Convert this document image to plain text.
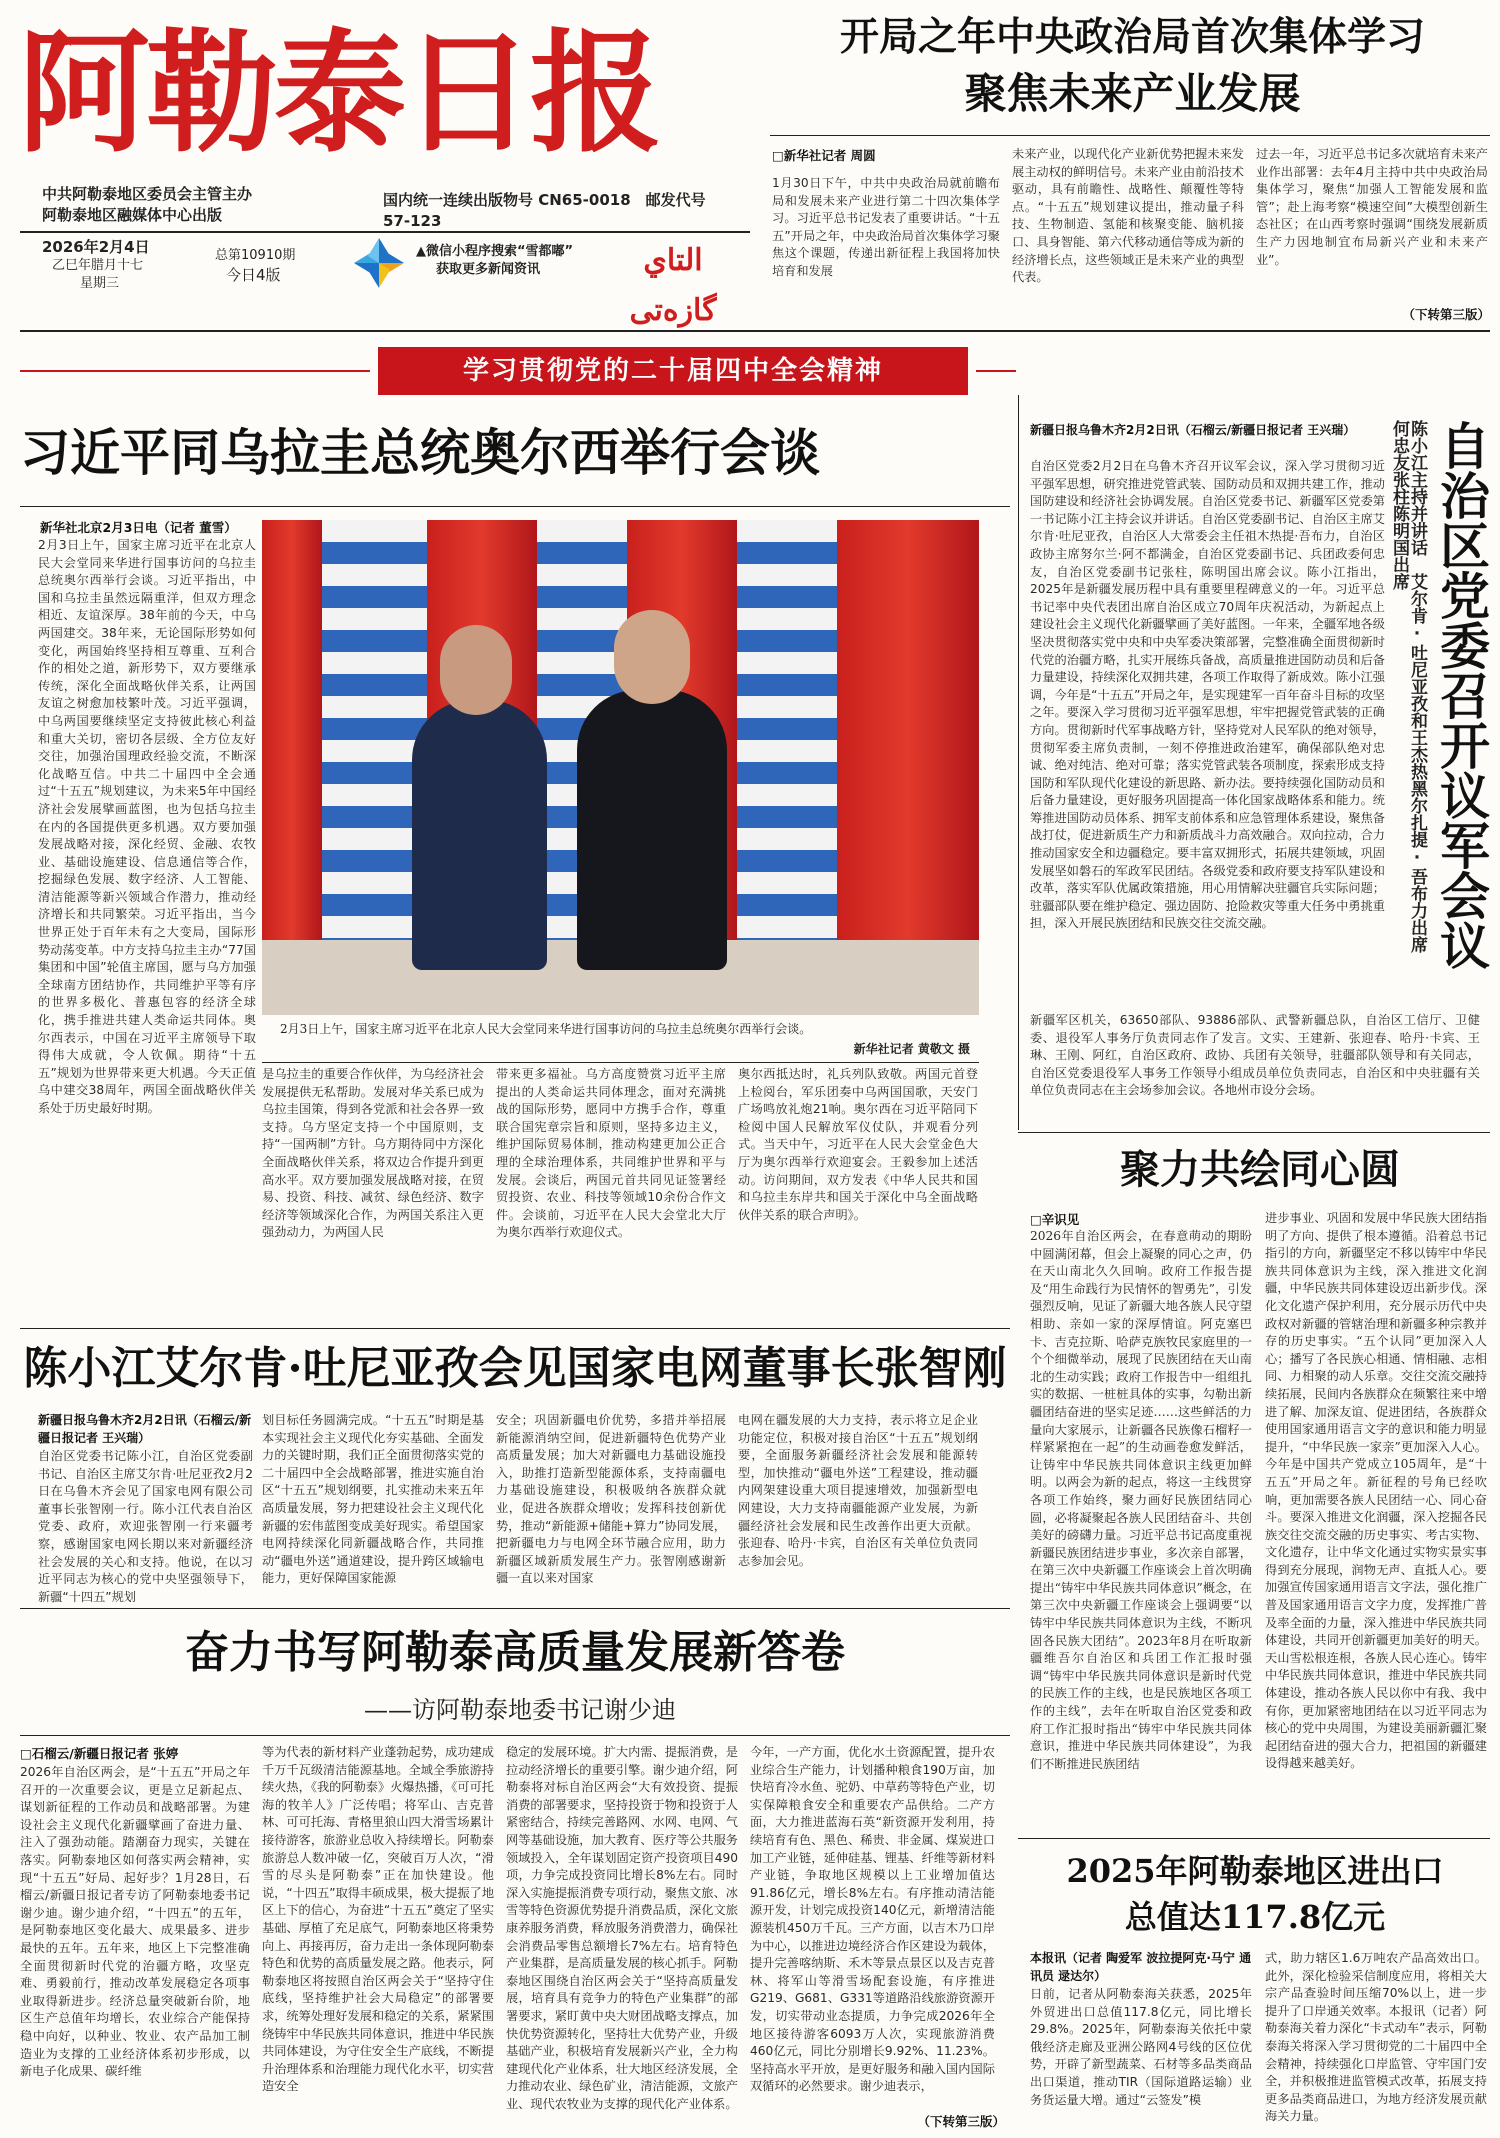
阿勒泰日报
中共阿勒泰地区委员会主管主办
阿勒泰地区融媒体中心出版
国内统一连续出版物号 CN65-0018　邮发代号 57-123
2026年2月4日
乙巳年腊月十七
星期三
总第10910期
今日4版
▲微信小程序搜索“雪都嘟”
获取更多新闻资讯	التاي گازەتى
开局之年中央政治局首次集体学习
聚焦未来产业发展
□新华社记者 周圆
1月30日下午，中共中央政治局就前瞻布局和发展未来产业进行第二十四次集体学习。习近平总书记发表了重要讲话。“十五五”开局之年，中央政治局首次集体学习聚焦这个课题，传递出新征程上我国将加快培育和发展
未来产业，以现代化产业新优势把握未来发展主动权的鲜明信号。未来产业由前沿技术驱动，具有前瞻性、战略性、颠覆性等特点。“十五五”规划建议提出，推动量子科技、生物制造、氢能和核聚变能、脑机接口、具身智能、第六代移动通信等成为新的经济增长点，这些领域正是未来产业的典型代表。
过去一年，习近平总书记多次就培育未来产业作出部署：去年4月主持中共中央政治局集体学习，聚焦“加强人工智能发展和监管”；赴上海考察“模速空间”大模型创新生态社区；在山西考察时强调“围绕发展新质生产力因地制宜布局新兴产业和未来产业”。
（下转第三版）
学习贯彻党的二十届四中全会精神
习近平同乌拉圭总统奥尔西举行会谈
新华社北京2月3日电（记者 董雪）
2月3日上午，国家主席习近平在北京人民大会堂同来华进行国事访问的乌拉圭总统奥尔西举行会谈。习近平指出，中国和乌拉圭虽然远隔重洋，但双方理念相近、友谊深厚。38年前的今天，中乌两国建交。38年来，无论国际形势如何变化，两国始终坚持相互尊重、互利合作的相处之道，新形势下，双方要继承传统，深化全面战略伙伴关系，让两国友谊之树愈加枝繁叶茂。习近平强调，中乌两国要继续坚定支持彼此核心利益和重大关切，密切各层级、全方位友好交往，加强治国理政经验交流，不断深化战略互信。中共二十届四中全会通过“十五五”规划建议，为未来5年中国经济社会发展擘画蓝图，也为包括乌拉圭在内的各国提供更多机遇。双方要加强发展战略对接，深化经贸、金融、农牧业、基础设施建设、信息通信等合作，挖掘绿色发展、数字经济、人工智能、清洁能源等新兴领域合作潜力，推动经济增长和共同繁荣。习近平指出，当今世界正处于百年未有之大变局，国际形势动荡变革。中方支持乌拉圭主办“77国集团和中国”轮值主席国，愿与乌方加强全球南方团结协作，共同维护平等有序的世界多极化、普惠包容的经济全球化，携手推进共建人类命运共同体。奥尔西表示，中国在习近平主席领导下取得伟大成就，令人钦佩。期待“十五五”规划为世界带来更大机遇。今天正值乌中建交38周年，两国全面战略伙伴关系处于历史最好时期。
2月3日上午，国家主席习近平在北京人民大会堂同来华进行国事访问的乌拉圭总统奥尔西举行会谈。
新华社记者 黄敬文 摄
是乌拉圭的重要合作伙伴，为乌经济社会发展提供无私帮助。发展对华关系已成为乌拉圭国策，得到各党派和社会各界一致支持。乌方坚定支持一个中国原则，支持“一国两制”方针。乌方期待同中方深化全面战略伙伴关系，将双边合作提升到更高水平。双方要加强发展战略对接，在贸易、投资、科技、减贫、绿色经济、数字经济等领域深化合作，为两国关系注入更强劲动力，为两国人民
带来更多福祉。乌方高度赞赏习近平主席提出的人类命运共同体理念，面对充满挑战的国际形势，愿同中方携手合作，尊重联合国宪章宗旨和原则，坚持多边主义，维护国际贸易体制，推动构建更加公正合理的全球治理体系，共同维护世界和平与发展。会谈后，两国元首共同见证签署经贸投资、农业、科技等领域10余份合作文件。会谈前，习近平在人民大会堂北大厅为奥尔西举行欢迎仪式。
奥尔西抵达时，礼兵列队致敬。两国元首登上检阅台，军乐团奏中乌两国国歌，天安门广场鸣放礼炮21响。奥尔西在习近平陪同下检阅中国人民解放军仪仗队，并观看分列式。当天中午，习近平在人民大会堂金色大厅为奥尔西举行欢迎宴会。王毅参加上述活动。访问期间，双方发表《中华人民共和国和乌拉圭东岸共和国关于深化中乌全面战略伙伴关系的联合声明》。
自治区党委召开议军会议
陈小江主持并讲话　艾尔肯·吐尼亚孜和王杰热黑尔扎提·吾布力出席　何忠友张柱陈明国出席
新疆日报乌鲁木齐2月2日讯（石榴云/新疆日报记者 王兴瑞）
自治区党委2月2日在乌鲁木齐召开议军会议，深入学习贯彻习近平强军思想，研究推进党管武装、国防动员和双拥共建工作，推动国防建设和经济社会协调发展。自治区党委书记、新疆军区党委第一书记陈小江主持会议并讲话。自治区党委副书记、自治区主席艾尔肯·吐尼亚孜，自治区人大常委会主任祖木热提·吾布力，自治区政协主席努尔兰·阿不都满金，自治区党委副书记、兵团政委何忠友，自治区党委副书记张柱，陈明国出席会议。陈小江指出，2025年是新疆发展历程中具有重要里程碑意义的一年。习近平总书记率中央代表团出席自治区成立70周年庆祝活动，为新起点上建设社会主义现代化新疆擘画了美好蓝图。一年来，全疆军地各级坚决贯彻落实党中央和中央军委决策部署，完整准确全面贯彻新时代党的治疆方略，扎实开展练兵备战，高质量推进国防动员和后备力量建设，持续深化双拥共建，各项工作取得了新成效。陈小江强调，今年是“十五五”开局之年，是实现建军一百年奋斗目标的攻坚之年。要深入学习贯彻习近平强军思想，牢牢把握党管武装的正确方向。贯彻新时代军事战略方针，坚持党对人民军队的绝对领导，贯彻军委主席负责制，一刻不停推进政治建军，确保部队绝对忠诚、绝对纯洁、绝对可靠；落实党管武装各项制度，探索形成支持国防和军队现代化建设的新思路、新办法。要持续强化国防动员和后备力量建设，更好服务巩固提高一体化国家战略体系和能力。统筹推进国防动员体系、拥军支前体系和应急管理体系建设，聚焦备战打仗，促进新质生产力和新质战斗力高效融合。双向拉动，合力推动国家安全和边疆稳定。要丰富双拥形式，拓展共建领域，巩固发展坚如磐石的军政军民团结。各级党委和政府要支持军队建设和改革，落实军队优属政策措施，用心用情解决驻疆官兵实际问题；驻疆部队要在维护稳定、强边固防、抢险救灾等重大任务中勇挑重担，深入开展民族团结和民族交往交流交融。
新疆军区机关，63650部队、93886部队、武警新疆总队，自治区工信厅、卫健委、退役军人事务厅负责同志作了发言。文实、王建新、张迎春、哈丹·卡宾、王琳、王刚、阿红，自治区政府、政协、兵团有关领导，驻疆部队领导和有关同志，自治区党委退役军人事务工作领导小组成员单位负责同志，自治区和中央驻疆有关单位负责同志在主会场参加会议。各地州市设分会场。
聚力共绘同心圆
□辛识见
2026年自治区两会，在春意萌动的期盼中圆满闭幕，但会上凝聚的同心之声，仍在天山南北久久回响。政府工作报告提及“用生命践行为民情怀的智勇先”，引发强烈反响，见证了新疆大地各族人民守望相助、亲如一家的深厚情谊。阿克塞巴卡、吉克拉斯、哈萨克族牧民家庭里的一个个细微举动，展现了民族团结在天山南北的生动实践；政府工作报告中一组组扎实的数据、一桩桩具体的实事，勾勒出新疆团结奋进的坚实足迹……这些鲜活的力量向大家展示，让新疆各民族像石榴籽一样紧紧抱在一起”的生动画卷愈发鲜活，让铸牢中华民族共同体意识主线更加鲜明。以两会为新的起点，将这一主线贯穿各项工作始终，聚力画好民族团结同心圆，必将凝聚起各族人民团结奋斗、共创美好的磅礴力量。习近平总书记高度重视新疆民族团结进步事业，多次亲自部署，在第三次中央新疆工作座谈会上首次明确提出“铸牢中华民族共同体意识”概念，在第三次中央新疆工作座谈会上强调要“以铸牢中华民族共同体意识为主线，不断巩固各民族大团结”。2023年8月在听取新疆维吾尔自治区和兵团工作汇报时强调“铸牢中华民族共同体意识是新时代党的民族工作的主线，也是民族地区各项工作的主线”，去年在听取自治区党委和政府工作汇报时指出“铸牢中华民族共同体意识，推进中华民族共同体建设”，为我们不断推进民族团结
进步事业、巩固和发展中华民族大团结指明了方向、提供了根本遵循。沿着总书记指引的方向，新疆坚定不移以铸牢中华民族共同体意识为主线，深入推进文化润疆，中华民族共同体建设迈出新步伐。深化文化遗产保护利用，充分展示历代中央政权对新疆的管辖治理和新疆多种宗教并存的历史事实。“五个认同”更加深入人心；播写了各民族心相通、情相融、志相同、力相聚的动人乐章。交往交流交融持续拓展，民间内各族群众在频繁往来中增进了解、加深友谊、促进团结，各族群众使用国家通用语言文字的意识和能力明显提升，“中华民族一家亲”更加深入人心。今年是中国共产党成立105周年，是“十五五”开局之年。新征程的号角已经吹响，更加需要各族人民团结一心、同心奋斗。要深入推进文化润疆，深入挖掘各民族交往交流交融的历史事实、考古实物、文化遗存，让中华文化通过实物实景实事得到充分展现，润物无声、直抵人心。要加强宣传国家通用语言文字法，强化推广普及国家通用语言文字力度，发挥推广普及率全面的力量，深入推进中华民族共同体建设，共同开创新疆更加美好的明天。天山雪松根连根，各族人民心连心。铸牢中华民族共同体意识，推进中华民族共同体建设，推动各族人民以你中有我、我中有你，更加紧密地团结在以习近平同志为核心的党中央周围，为建设美丽新疆汇聚起团结奋进的强大合力，把祖国的新疆建设得越来越美好。
陈小江艾尔肯·吐尼亚孜会见国家电网董事长张智刚
新疆日报乌鲁木齐2月2日讯（石榴云/新疆日报记者 王兴瑞）
自治区党委书记陈小江，自治区党委副书记、自治区主席艾尔肯·吐尼亚孜2月2日在乌鲁木齐会见了国家电网有限公司董事长张智刚一行。陈小江代表自治区党委、政府，欢迎张智刚一行来疆考察，感谢国家电网长期以来对新疆经济社会发展的关心和支持。他说，在以习近平同志为核心的党中央坚强领导下，新疆“十四五”规划
划目标任务圆满完成。“十五五”时期是基本实现社会主义现代化夯实基础、全面发力的关键时期，我们正全面贯彻落实党的二十届四中全会战略部署，推进实施自治区“十五五”规划纲要，扎实推动未来五年高质量发展，努力把建设社会主义现代化新疆的宏伟蓝图变成美好现实。希望国家电网持续深化同新疆战略合作，共同推动“疆电外送”通道建设，提升跨区域输电能力，更好保障国家能源
安全；巩固新疆电价优势，多措并举招展新能源消纳空间，促进新疆特色优势产业高质量发展；加大对新疆电力基础设施投入，助推打造新型能源体系，支持南疆电力基础设施建设，积极吸纳各族群众就业，促进各族群众增收；发挥科技创新优势，推动“新能源+储能+算力”协同发展，把新疆电力与电网全环节融合应用，助力新疆区域新质发展生产力。张智刚感谢新疆一直以来对国家
电网在疆发展的大力支持，表示将立足企业功能定位，积极对接自治区“十五五”规划纲要，全面服务新疆经济社会发展和能源转型，加快推动“疆电外送”工程建设，推动疆内网架建设重大项目提速增效，加强新型电网建设，大力支持南疆能源产业发展，为新疆经济社会发展和民生改善作出更大贡献。张迎春、哈丹·卡宾，自治区有关单位负责同志参加会见。
奋力书写阿勒泰高质量发展新答卷
——访阿勒泰地委书记谢少迪
□石榴云/新疆日报记者 张婷
2026年自治区两会，是“十五五”开局之年召开的一次重要会议，更是立足新起点、谋划新征程的工作动员和战略部署。为建设社会主义现代化新疆擘画了奋进力量、注入了强劲动能。踏潮奋力现实，关键在落实。阿勒泰地区如何落实两会精神，实现“十五五”好局、起好步？1月28日，石榴云/新疆日报记者专访了阿勒泰地委书记谢少迪。谢少迪介绍，“十四五”的五年，是阿勒泰地区变化最大、成果最多、进步最快的五年。五年来，地区上下完整准确全面贯彻新时代党的治疆方略，攻坚克难、勇毅前行，推动改革发展稳定各项事业取得新进步。经济总量突破新台阶，地区生产总值年均增长，农业综合产能保持稳中向好，以种业、牧业、农产品加工制造业为支撑的工业经济体系初步形成，以新电子化成果、碳纤维
等为代表的新材料产业蓬勃起势，成功建成千万千瓦级清洁能源基地。全域全季旅游持续火热，《我的阿勒泰》火爆热播，《可可托海的牧羊人》广泛传唱；将军山、吉克普林、可可托海、青格里狼山四大滑雪场累计接待游客，旅游业总收入持续增长。阿勒泰旅游总人数冲破一亿，突破百万人次，“滑雪的尽头是阿勒泰”正在加快建设。他说，“十四五”取得丰硕成果，极大提振了地区上下的信心，为奋进“十五五”奠定了坚实基础、厚植了充足底气，阿勒泰地区将秉势向上、再接再厉，奋力走出一条体现阿勒泰特色和优势的高质量发展之路。他表示，阿勒泰地区将按照自治区两会关于“坚持守住底线，坚持维护社会大局稳定”的部署要求，统筹处理好发展和稳定的关系，紧紧围绕铸牢中华民族共同体意识，推进中华民族共同体建设，为守住安全生产底线，不断提升治理体系和治理能力现代化水平，切实营造安全
稳定的发展环境。扩大内需、提振消费，是拉动经济增长的重要引擎。谢少迪介绍，阿勒泰将对标自治区两会“大有效投资、提振消费的部署要求，坚持投资于物和投资于人紧密结合，持续完善路网、水网、电网、气网等基础设施，加大教育、医疗等公共服务领域投入，全年谋划固定资产投资项目490项，力争完成投资同比增长8%左右。同时深入实施提振消费专项行动，聚焦文旅、冰雪等特色资源优势提升消费品质，深化文旅康养服务消费，释放服务消费潜力，确保社会消费品零售总额增长7%左右。培育特色产业集群，是高质量发展的核心抓手。阿勒泰地区围绕自治区两会关于“坚持高质量发展，培育具有竞争力的特色产业集群”的部署要求，紧盯黄中央大财团战略支撑点，加快优势资源转化，坚持壮大优势产业，升级基础产业，积极培育发展新兴产业，全力构建现代化产业体系，壮大地区经济发展，全力推动农业、绿色矿业，清洁能源，文旅产业、现代农牧业为支撑的现代化产业体系。
今年，一产方面，优化水土资源配置，提升农业综合生产能力，计划播种粮食190万亩，加快培育冷水鱼、驼奶、中草药等特色产业，切实保障粮食安全和重要农产品供给。二产方面，大力推进蓝海石英“新资源开发利用，持续培育有色、黑色、稀贵、非金属、煤炭进口加工产业链，延伸硅基、锂基、纤维等新材料产业链，争取地区规模以上工业增加值达91.86亿元，增长8%左右。有序推动清洁能源开发，计划完成投资140亿元，新增清洁能源装机450万千瓦。三产方面，以吉木乃口岸为中心，以推进边境经济合作区建设为载体，提升完善喀纳斯、禾木等景点景区以及吉克普林、将军山等滑雪场配套设施，有序推进G219、G681、G331等道路沿线旅游资源开发，切实带动业态提质，力争完成2026年全地区接待游客6093万人次，实现旅游消费460亿元，同比分别增长9.92%、11.23%。坚持高水平开放，是更好服务和融入国内国际双循环的必然要求。谢少迪表示，
（下转第三版）
2025年阿勒泰地区进出口
总值达117.8亿元
本报讯（记者 陶爱军 波拉提阿克·马宁 通讯员 逯达尔）
日前，记者从阿勒泰海关获悉，2025年外贸进出口总值117.8亿元，同比增长29.8%。2025年，阿勒泰海关依托中蒙俄经济走廊及亚洲公路网4号线的区位优势，开辟了新型蔬菜、石材等多品类商品出口渠道，推动TIR（国际道路运输）业务货运量大增。通过“云签发”模
式，助力辖区1.6万吨农产品高效出口。此外，深化检验采信制度应用，将相关大宗产品查验时间压缩70%以上，进一步提升了口岸通关效率。本报讯（记者）阿勒泰海关着力深化“卡式动车”表示，阿勒泰海关将深入学习贯彻党的二十届四中全会精神，持续强化口岸监管、守牢国门安全，并积极推进监管模式改革，拓展支持更多品类商品进口，为地方经济发展贡献海关力量。
